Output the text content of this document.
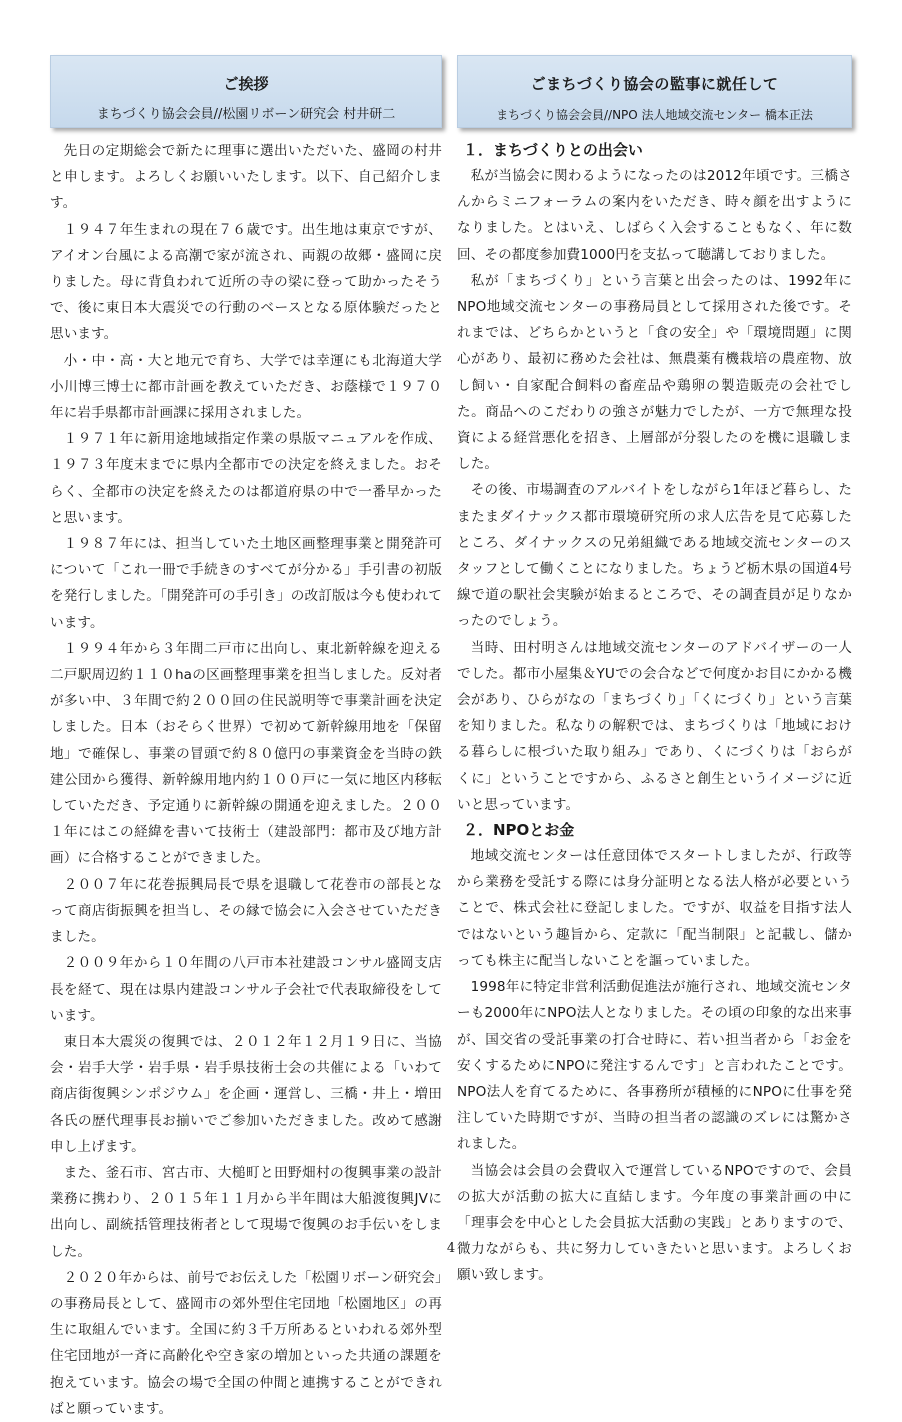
ご挨拶
まちづくり協会会員//松園リボーン研究会 村井研二

先日の定期総会で新たに理事に選出いただいた、盛岡の村井と申します。よろしくお願いいたします。以下、自己紹介します。

１９４７年生まれの現在７６歳です。出生地は東京ですが、アイオン台風による高潮で家が流され、両親の故郷・盛岡に戻りました。母に背負われて近所の寺の梁に登って助かったそうで、後に東日本大震災での行動のベースとなる原体験だったと思います。

小・中・高・大と地元で育ち、大学では幸運にも北海道大学小川博三博士に都市計画を教えていただき、お蔭様で１９７０年に岩手県都市計画課に採用されました。

１９７１年に新用途地域指定作業の県版マニュアルを作成、１９７３年度末までに県内全都市での決定を終えました。おそらく、全都市の決定を終えたのは都道府県の中で一番早かったと思います。

１９８７年には、担当していた土地区画整理事業と開発許可について「これ一冊で手続きのすべてが分かる」手引書の初版を発行しました。「開発許可の手引き」の改訂版は今も使われています。

１９９４年から３年間二戸市に出向し、東北新幹線を迎える二戸駅周辺約１１０haの区画整理事業を担当しました。反対者が多い中、３年間で約２００回の住民説明等で事業計画を決定しました。日本（おそらく世界）で初めて新幹線用地を「保留地」で確保し、事業の冒頭で約８０億円の事業資金を当時の鉄建公団から獲得、新幹線用地内約１００戸に一気に地区内移転していただき、予定通りに新幹線の開通を迎えました。２００１年にはこの経緯を書いて技術士（建設部門：都市及び地方計画）に合格することができました。

２００７年に花巻振興局長で県を退職して花巻市の部長となって商店街振興を担当し、その縁で協会に入会させていただきました。

２００９年から１０年間の八戸市本社建設コンサル盛岡支店長を経て、現在は県内建設コンサル子会社で代表取締役をしています。

東日本大震災の復興では、２０１２年１２月１９日に、当協会・岩手大学・岩手県・岩手県技術士会の共催による「いわて商店街復興シンポジウム」を企画・運営し、三橋・井上・増田各氏の歴代理事長お揃いでご参加いただきました。改めて感謝申し上げます。

また、釜石市、宮古市、大槌町と田野畑村の復興事業の設計業務に携わり、２０１５年１１月から半年間は大船渡復興JVに出向し、副統括管理技術者として現場で復興のお手伝いをしました。

２０２０年からは、前号でお伝えした「松園リボーン研究会」の事務局長として、盛岡市の郊外型住宅団地「松園地区」の再生に取組んでいます。全国に約３千万所あるといわれる郊外型住宅団地が一斉に高齢化や空き家の増加といった共通の課題を抱えています。協会の場で全国の仲間と連携することができればと願っています。

ごまちづくり協会の監事に就任して
まちづくり協会会員//NPO 法人地域交流センター 橋本正法
１．まちづくりとの出会い

私が当協会に関わるようになったのは2012年頃です。三橋さんからミニフォーラムの案内をいただき、時々顔を出すようになりました。とはいえ、しばらく入会することもなく、年に数回、その都度参加費1000円を支払って聴講しておりました。

私が「まちづくり」という言葉と出会ったのは、1992年にNPO地域交流センターの事務局員として採用された後です。それまでは、どちらかというと「食の安全」や「環境問題」に関心があり、最初に務めた会社は、無農薬有機栽培の農産物、放し飼い・自家配合飼料の畜産品や鶏卵の製造販売の会社でした。商品へのこだわりの強さが魅力でしたが、一方で無理な投資による経営悪化を招き、上層部が分裂したのを機に退職しました。

その後、市場調査のアルバイトをしながら1年ほど暮らし、たまたまダイナックス都市環境研究所の求人広告を見て応募したところ、ダイナックスの兄弟組織である地域交流センターのスタッフとして働くことになりました。ちょうど栃木県の国道4号線で道の駅社会実験が始まるところで、その調査員が足りなかったのでしょう。

当時、田村明さんは地域交流センターのアドバイザーの一人でした。都市小屋集＆YUでの会合などで何度かお目にかかる機会があり、ひらがなの「まちづくり」「くにづくり」という言葉を知りました。私なりの解釈では、まちづくりは「地域における暮らしに根づいた取り組み」であり、くにづくりは「おらがくに」ということですから、ふるさと創生というイメージに近いと思っています。

２．NPOとお金

地域交流センターは任意団体でスタートしましたが、行政等から業務を受託する際には身分証明となる法人格が必要ということで、株式会社に登記しました。ですが、収益を目指す法人ではないという趣旨から、定款に「配当制限」と記載し、儲かっても株主に配当しないことを謳っていました。

1998年に特定非営利活動促進法が施行され、地域交流センターも2000年にNPO法人となりました。その頃の印象的な出来事が、国交省の受託事業の打合せ時に、若い担当者から「お金を安くするためにNPOに発注するんです」と言われたことです。NPO法人を育てるために、各事務所が積極的にNPOに仕事を発注していた時期ですが、当時の担当者の認識のズレには驚かされました。

当協会は会員の会費収入で運営しているNPOですので、会員の拡大が活動の拡大に直結します。今年度の事業計画の中に「理事会を中心とした会員拡大活動の実践」とありますので、微力ながらも、共に努力していきたいと思います。よろしくお願い致します。

4
